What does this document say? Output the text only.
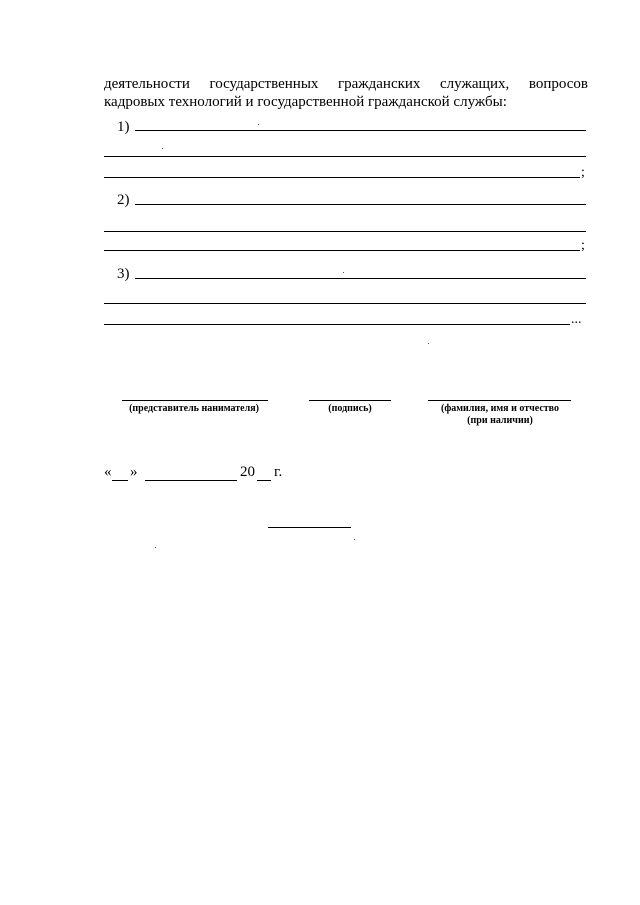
деятельности государственных гражданских служащих, вопросов

кадровых технологий и государственной гражданской службы:

1)
;
2)
;
3)
...
(представитель нанимателя)	(подпись)	(фамилия, имя и отчество
(при наличии)
« »	20 г.
